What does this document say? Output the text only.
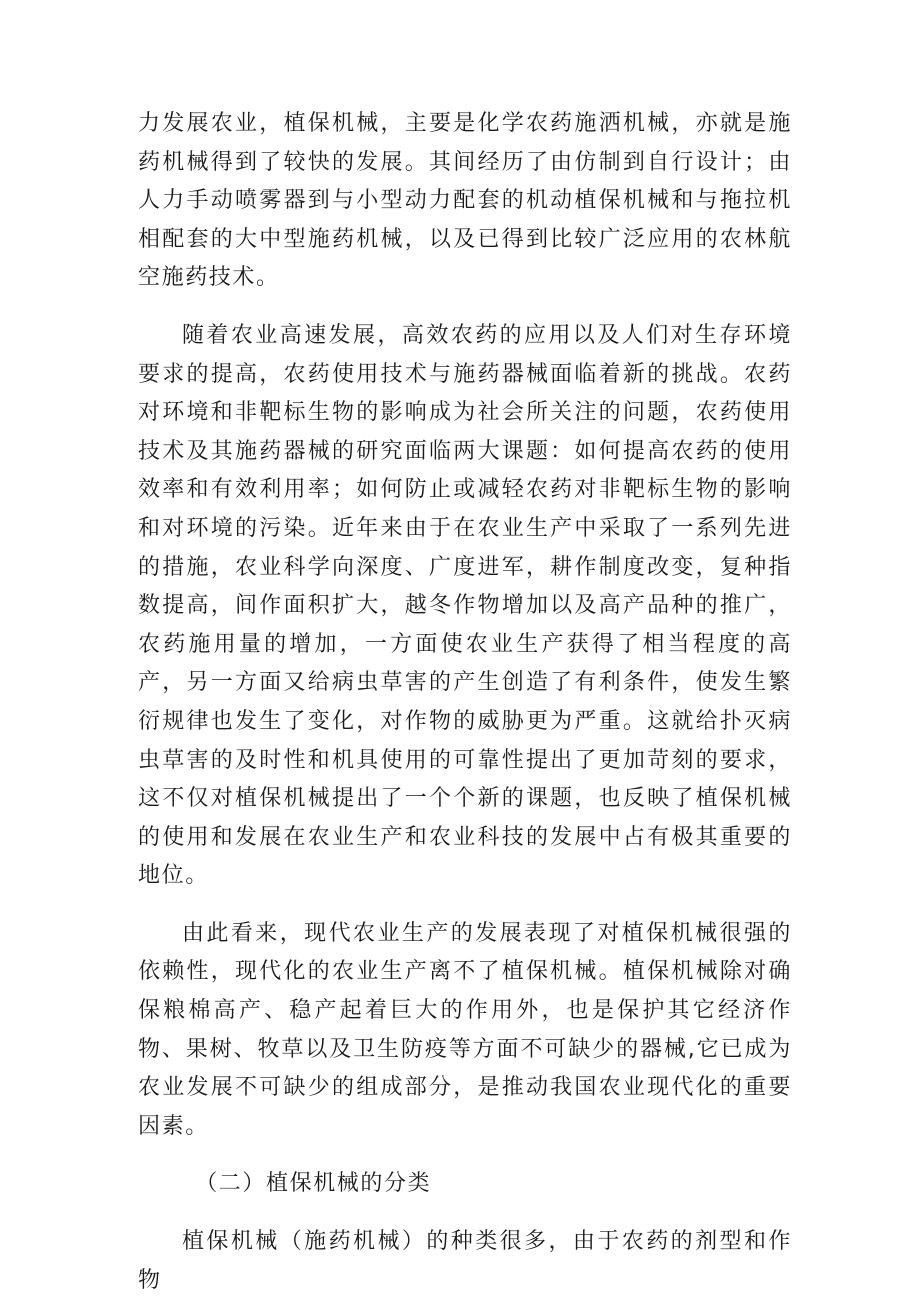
力发展农业，植保机械，主要是化学农药施洒机械，亦就是施药机械得到了较快的发展。其间经历了由仿制到自行设计；由人力手动喷雾器到与小型动力配套的机动植保机械和与拖拉机相配套的大中型施药机械，以及已得到比较广泛应用的农林航空施药技术。

随着农业高速发展，高效农药的应用以及人们对生存环境要求的提高，农药使用技术与施药器械面临着新的挑战。农药对环境和非靶标生物的影响成为社会所关注的问题，农药使用技术及其施药器械的研究面临两大课题：如何提高农药的使用效率和有效利用率；如何防止或减轻农药对非靶标生物的影响和对环境的污染。近年来由于在农业生产中采取了一系列先进的措施，农业科学向深度、广度进军，耕作制度改变，复种指数提高，间作面积扩大，越冬作物增加以及高产品种的推广，农药施用量的增加，一方面使农业生产获得了相当程度的高产，另一方面又给病虫草害的产生创造了有利条件，使发生繁衍规律也发生了变化，对作物的威胁更为严重。这就给扑灭病虫草害的及时性和机具使用的可靠性提出了更加苛刻的要求，这不仅对植保机械提出了一个个新的课题，也反映了植保机械的使用和发展在农业生产和农业科技的发展中占有极其重要的地位。

由此看来，现代农业生产的发展表现了对植保机械很强的依赖性，现代化的农业生产离不了植保机械。植保机械除对确保粮棉高产、稳产起着巨大的作用外，也是保护其它经济作物、果树、牧草以及卫生防疫等方面不可缺少的器械,它已成为农业发展不可缺少的组成部分，是推动我国农业现代化的重要因素。

（二）植保机械的分类

植保机械（施药机械）的种类很多，由于农药的剂型和作物
